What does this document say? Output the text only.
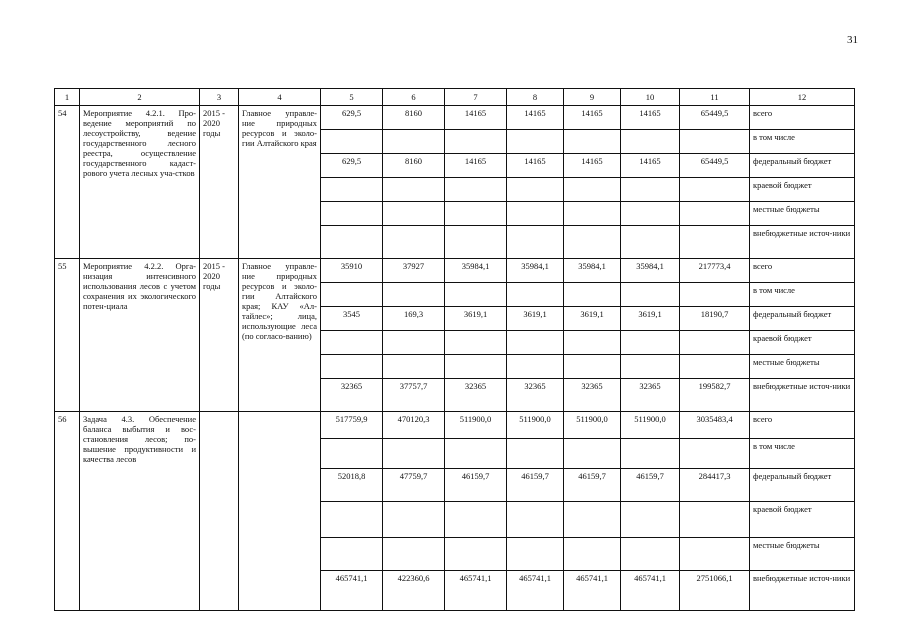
31
1	2	3	4	5	6	7	8	9	10	11	12
54	Мероприятие 4.2.1. Про-ведение мероприятий по лесоустройству, ведение государственного лесного реестра, осуществление государственного кадаст-рового учета лесных уча-стков	2015 - 2020 годы	Главное управле-ние природных ресурсов и эколо-гии Алтайского края	629,5	8160	14165	14165	14165	14165	65449,5	всего
											в том числе
				629,5	8160	14165	14165	14165	14165	65449,5	федеральный бюджет
											краевой бюджет
											местные бюджеты
											внебюджетные источ-ники
55	Мероприятие 4.2.2. Орга-низация интенсивного использования лесов с учетом сохранения их экологического потен-циала	2015 - 2020 годы	Главное управле-ние природных ресурсов и эколо-гии Алтайского края; КАУ «Ал-тайлес»; лица, использующие леса (по согласо-ванию)	35910	37927	35984,1	35984,1	35984,1	35984,1	217773,4	всего
											в том числе
				3545	169,3	3619,1	3619,1	3619,1	3619,1	18190,7	федеральный бюджет
											краевой бюджет
											местные бюджеты
				32365	37757,7	32365	32365	32365	32365	199582,7	внебюджетные источ-ники
56	Задача 4.3. Обеспечение баланса выбытия и вос-становления лесов; по-вышение продуктивности и качества лесов			517759,9	470120,3	511900,0	511900,0	511900,0	511900,0	3035483,4	всего
											в том числе
				52018,8	47759,7	46159,7	46159,7	46159,7	46159,7	284417,3	федеральный бюджет
											краевой бюджет
											местные бюджеты
				465741,1	422360,6	465741,1	465741,1	465741,1	465741,1	2751066,1	внебюджетные источ-ники
